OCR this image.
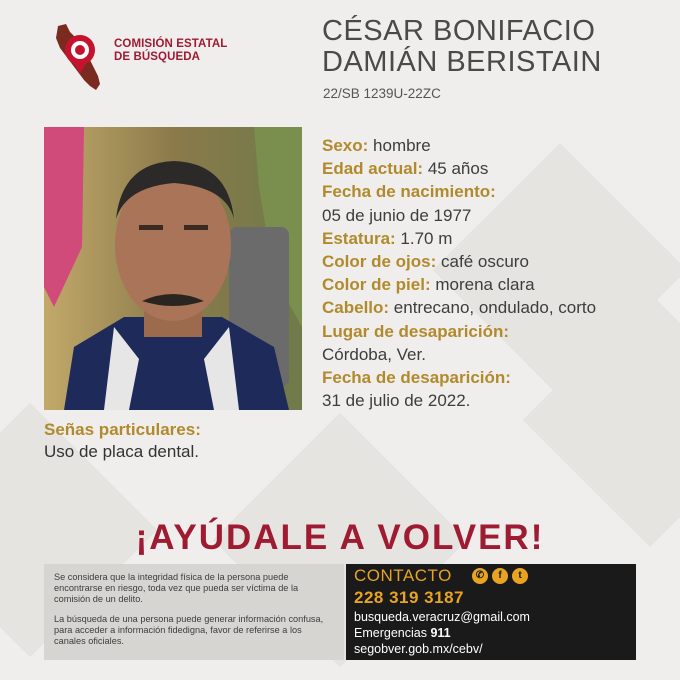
COMISIÓN ESTATAL
DE BÚSQUEDA
CÉSAR BONIFACIO
DAMIÁN BERISTAIN
22/SB 1239U-22ZC
Sexo: hombre
Edad actual: 45 años
Fecha de nacimiento:
05 de junio de 1977
Estatura: 1.70 m
Color de ojos: café oscuro
Color de piel: morena clara
Cabello: entrecano, ondulado, corto
Lugar de desaparición:
Córdoba, Ver.
Fecha de desaparición:
31 de julio de 2022.
Señas particulares:
Uso de placa dental.
¡AYÚDALE A VOLVER!

Se considera que la integridad física de la persona puede encontrarse en riesgo, toda vez que pueda ser víctima de la comisión de un delito.

La búsqueda de una persona puede generar información confusa, para acceder a información fidedigna, favor de referirse a los canales oficiales.

CONTACTO	✆	f	t
228 319 3187
busqueda.veracruz@gmail.com
Emergencias 911
segobver.gob.mx/cebv/
